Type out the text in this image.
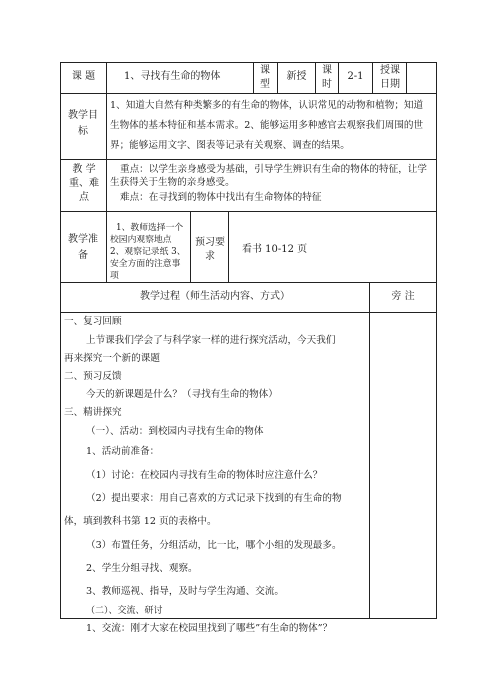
课 题	1、寻找有生命的物体
课型
新授
课时
2-1
授课日期
教学目标
1、知道大自然有种类繁多的有生命的物体，认识常见的动物和植物；知道生物体的基本特征和基本需求。2、能够运用多种感官去观察我们周围的世界；能够运用文字、图表等记录有关观察、调查的结果。
教 学 重、难 点
重点：以学生亲身感受为基础，引导学生辨识有生命的物体的特征，让学生获得关于生物的亲身感受。
难点：在寻找到的物体中找出有生命物体的特征
教学准备
1、教师选择一个校园内观察地点 2、观察记录纸 3、安全方面的注意事项
预习要求
看书 10-12 页
教学过程（师生活动内容、方式）	旁 注
一、复习回顾
上节课我们学会了与科学家一样的进行探究活动，今天我们
再来探究一个新的课题
二、预习反馈
今天的新课题是什么？（寻找有生命的物体）
三、精讲探究
（一）、活动：到校园内寻找有生命的物体
1、活动前准备：
（1）讨论：在校园内寻找有生命的物体时应注意什么？
（2）提出要求：用自己喜欢的方式记录下找到的有生命的物
体，填到教科书第 12 页的表格中。
（3）布置任务，分组活动，比一比，哪个小组的发现最多。
2、学生分组寻找、观察。
3、教师巡视、指导，及时与学生沟通、交流。
（二）、交流、研讨
1、交流：刚才大家在校园里找到了哪些”有生命的物体”？
